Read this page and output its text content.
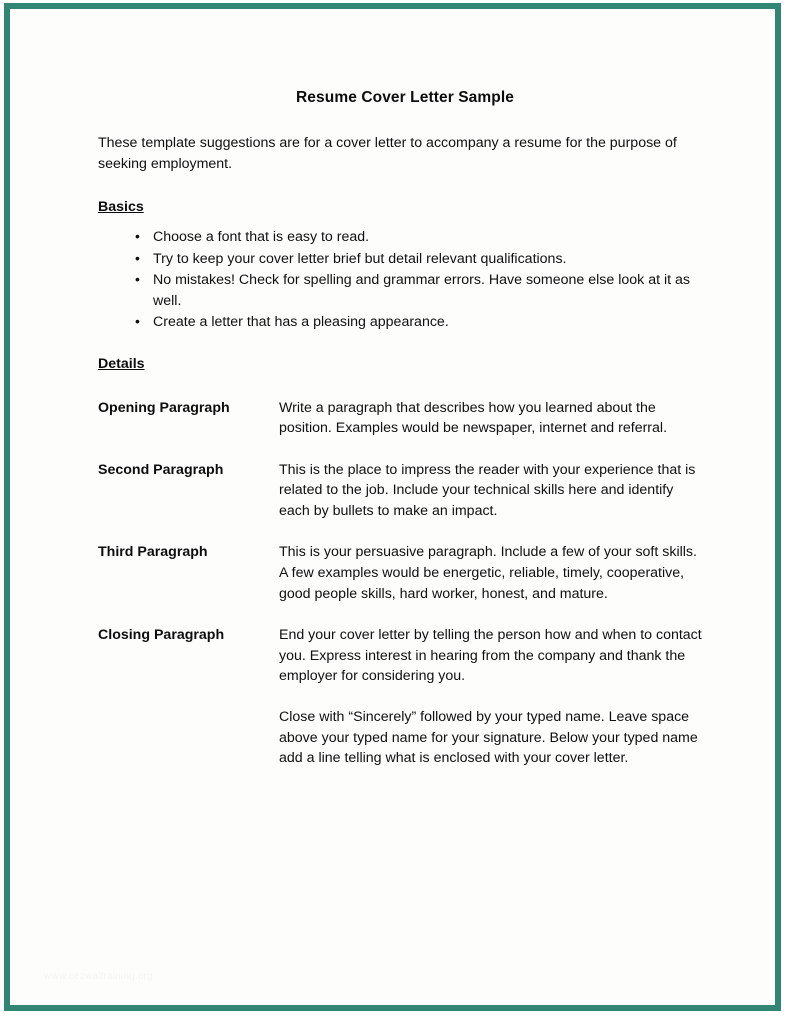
Resume Cover Letter Sample

These template suggestions are for a cover letter to accompany a resume for the purpose of seeking employment.

Basics
• Choose a font that is easy to read.
• Try to keep your cover letter brief but detail relevant qualifications.
• No mistakes! Check for spelling and grammar errors. Have someone else look at it as well.
• Create a letter that has a pleasing appearance.
Details
Opening Paragraph	Write a paragraph that describes how you learned about the position. Examples would be newspaper, internet and referral.

Second Paragraph	This is the place to impress the reader with your experience that is related to the job. Include your technical skills here and identify each by bullets to make an impact.

Third Paragraph	This is your persuasive paragraph. Include a few of your soft skills. A few examples would be energetic, reliable, timely, cooperative, good people skills, hard worker, honest, and mature.

Closing Paragraph	End your cover letter by telling the person how and when to contact you. Express interest in hearing from the company and thank the employer for considering you.

Close with “Sincerely” followed by your typed name. Leave space above your typed name for your signature. Below your typed name add a line telling what is enclosed with your cover letter.

www.cezwaltraining.org
